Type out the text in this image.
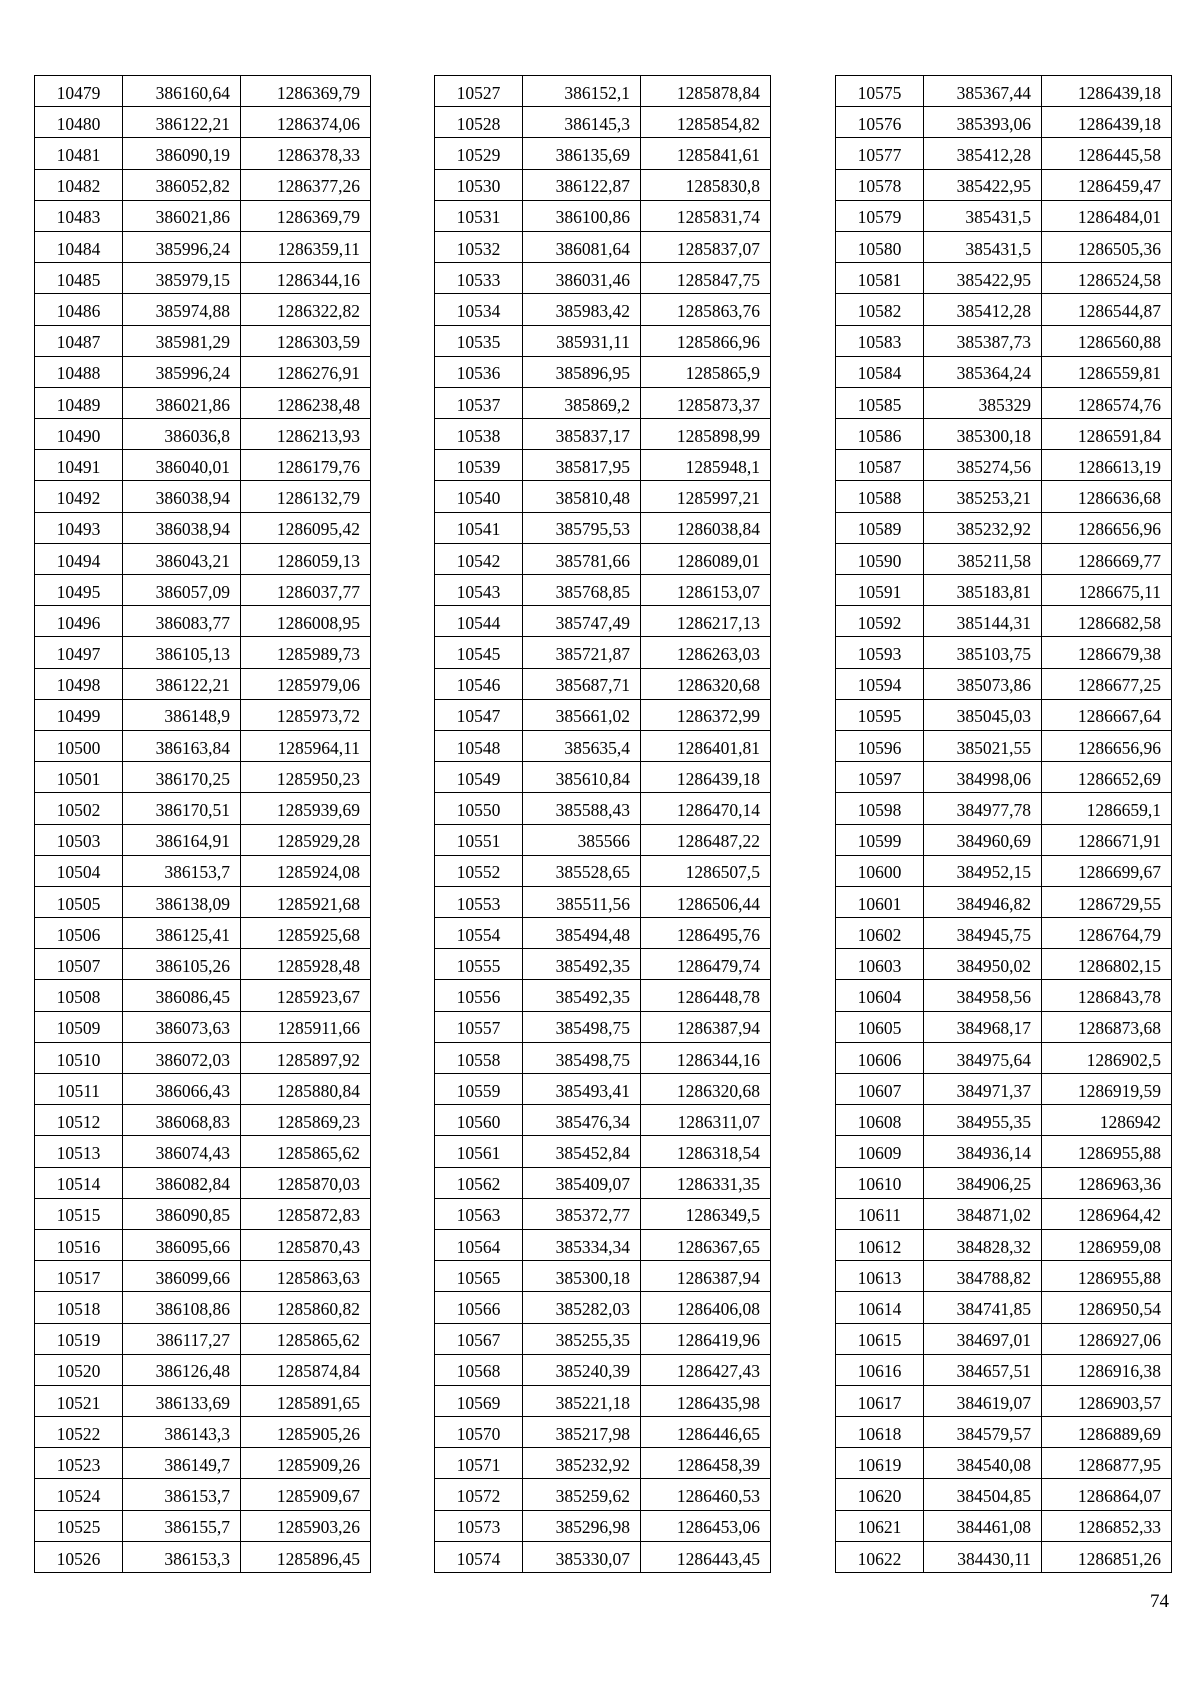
10479	386160,64	1286369,79
10480	386122,21	1286374,06
10481	386090,19	1286378,33
10482	386052,82	1286377,26
10483	386021,86	1286369,79
10484	385996,24	1286359,11
10485	385979,15	1286344,16
10486	385974,88	1286322,82
10487	385981,29	1286303,59
10488	385996,24	1286276,91
10489	386021,86	1286238,48
10490	386036,8	1286213,93
10491	386040,01	1286179,76
10492	386038,94	1286132,79
10493	386038,94	1286095,42
10494	386043,21	1286059,13
10495	386057,09	1286037,77
10496	386083,77	1286008,95
10497	386105,13	1285989,73
10498	386122,21	1285979,06
10499	386148,9	1285973,72
10500	386163,84	1285964,11
10501	386170,25	1285950,23
10502	386170,51	1285939,69
10503	386164,91	1285929,28
10504	386153,7	1285924,08
10505	386138,09	1285921,68
10506	386125,41	1285925,68
10507	386105,26	1285928,48
10508	386086,45	1285923,67
10509	386073,63	1285911,66
10510	386072,03	1285897,92
10511	386066,43	1285880,84
10512	386068,83	1285869,23
10513	386074,43	1285865,62
10514	386082,84	1285870,03
10515	386090,85	1285872,83
10516	386095,66	1285870,43
10517	386099,66	1285863,63
10518	386108,86	1285860,82
10519	386117,27	1285865,62
10520	386126,48	1285874,84
10521	386133,69	1285891,65
10522	386143,3	1285905,26
10523	386149,7	1285909,26
10524	386153,7	1285909,67
10525	386155,7	1285903,26
10526	386153,3	1285896,45
10527	386152,1	1285878,84
10528	386145,3	1285854,82
10529	386135,69	1285841,61
10530	386122,87	1285830,8
10531	386100,86	1285831,74
10532	386081,64	1285837,07
10533	386031,46	1285847,75
10534	385983,42	1285863,76
10535	385931,11	1285866,96
10536	385896,95	1285865,9
10537	385869,2	1285873,37
10538	385837,17	1285898,99
10539	385817,95	1285948,1
10540	385810,48	1285997,21
10541	385795,53	1286038,84
10542	385781,66	1286089,01
10543	385768,85	1286153,07
10544	385747,49	1286217,13
10545	385721,87	1286263,03
10546	385687,71	1286320,68
10547	385661,02	1286372,99
10548	385635,4	1286401,81
10549	385610,84	1286439,18
10550	385588,43	1286470,14
10551	385566	1286487,22
10552	385528,65	1286507,5
10553	385511,56	1286506,44
10554	385494,48	1286495,76
10555	385492,35	1286479,74
10556	385492,35	1286448,78
10557	385498,75	1286387,94
10558	385498,75	1286344,16
10559	385493,41	1286320,68
10560	385476,34	1286311,07
10561	385452,84	1286318,54
10562	385409,07	1286331,35
10563	385372,77	1286349,5
10564	385334,34	1286367,65
10565	385300,18	1286387,94
10566	385282,03	1286406,08
10567	385255,35	1286419,96
10568	385240,39	1286427,43
10569	385221,18	1286435,98
10570	385217,98	1286446,65
10571	385232,92	1286458,39
10572	385259,62	1286460,53
10573	385296,98	1286453,06
10574	385330,07	1286443,45
10575	385367,44	1286439,18
10576	385393,06	1286439,18
10577	385412,28	1286445,58
10578	385422,95	1286459,47
10579	385431,5	1286484,01
10580	385431,5	1286505,36
10581	385422,95	1286524,58
10582	385412,28	1286544,87
10583	385387,73	1286560,88
10584	385364,24	1286559,81
10585	385329	1286574,76
10586	385300,18	1286591,84
10587	385274,56	1286613,19
10588	385253,21	1286636,68
10589	385232,92	1286656,96
10590	385211,58	1286669,77
10591	385183,81	1286675,11
10592	385144,31	1286682,58
10593	385103,75	1286679,38
10594	385073,86	1286677,25
10595	385045,03	1286667,64
10596	385021,55	1286656,96
10597	384998,06	1286652,69
10598	384977,78	1286659,1
10599	384960,69	1286671,91
10600	384952,15	1286699,67
10601	384946,82	1286729,55
10602	384945,75	1286764,79
10603	384950,02	1286802,15
10604	384958,56	1286843,78
10605	384968,17	1286873,68
10606	384975,64	1286902,5
10607	384971,37	1286919,59
10608	384955,35	1286942
10609	384936,14	1286955,88
10610	384906,25	1286963,36
10611	384871,02	1286964,42
10612	384828,32	1286959,08
10613	384788,82	1286955,88
10614	384741,85	1286950,54
10615	384697,01	1286927,06
10616	384657,51	1286916,38
10617	384619,07	1286903,57
10618	384579,57	1286889,69
10619	384540,08	1286877,95
10620	384504,85	1286864,07
10621	384461,08	1286852,33
10622	384430,11	1286851,26
74
